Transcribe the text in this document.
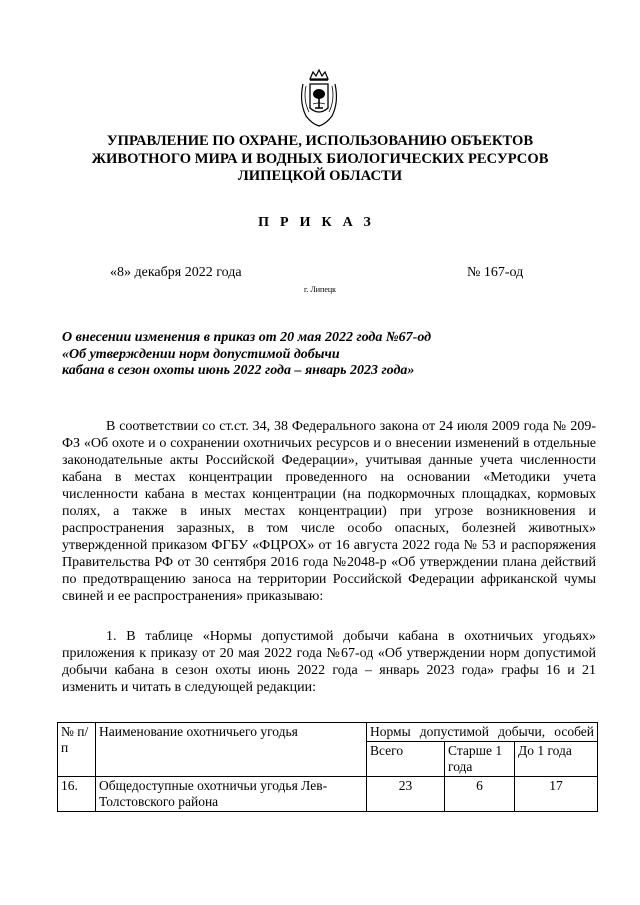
УПРАВЛЕНИЕ ПО ОХРАНЕ, ИСПОЛЬЗОВАНИЮ ОБЪЕКТОВ
ЖИВОТНОГО МИРА И ВОДНЫХ БИОЛОГИЧЕСКИХ РЕСУРСОВ
ЛИПЕЦКОЙ ОБЛАСТИ
ПРИКАЗ
«8» декабря 2022 года	№ 167-од
г. Липецк
О внесении изменения в приказ от 20 мая 2022 года №67-од
«Об утверждении норм допустимой добычи
кабана в сезон охоты июнь 2022 года – январь 2023 года»

В соответствии со ст.ст. 34, 38 Федерального закона от 24 июля 2009 года № 209-ФЗ «Об охоте и о сохранении охотничьих ресурсов и о внесении изменений в отдельные законодательные акты Российской Федерации», учитывая данные учета численности кабана в местах концентрации проведенного на основании «Методики учета численности кабана в местах концентрации (на подкормочных площадках, кормовых полях, а также в иных местах концентрации) при угрозе возникновения и распространения заразных, в том числе особо опасных, болезней животных» утвержденной приказом ФГБУ «ФЦРОХ» от 16 августа 2022 года № 53 и распоряжения Правительства РФ от 30 сентября 2016 года №2048-р «Об утверждении плана действий по предотвращению заноса на территории Российской Федерации африканской чумы свиней и ее распространения» приказываю:

1. В таблице «Нормы допустимой добычи кабана в охотничьих угодьях» приложения к приказу от 20 мая 2022 года №67-од «Об утверждении норм допустимой добычи кабана в сезон охоты июнь 2022 года – январь 2023 года» графы 16 и 21 изменить и читать в следующей редакции:

№ п/п	Наименование охотничьего угодья	Нормы допустимой добычи, особей		
		Всего	Старше 1 года	До 1 года
16.	Общедоступные охотничьи угодья Лев-Толстовского района	23	6	17
